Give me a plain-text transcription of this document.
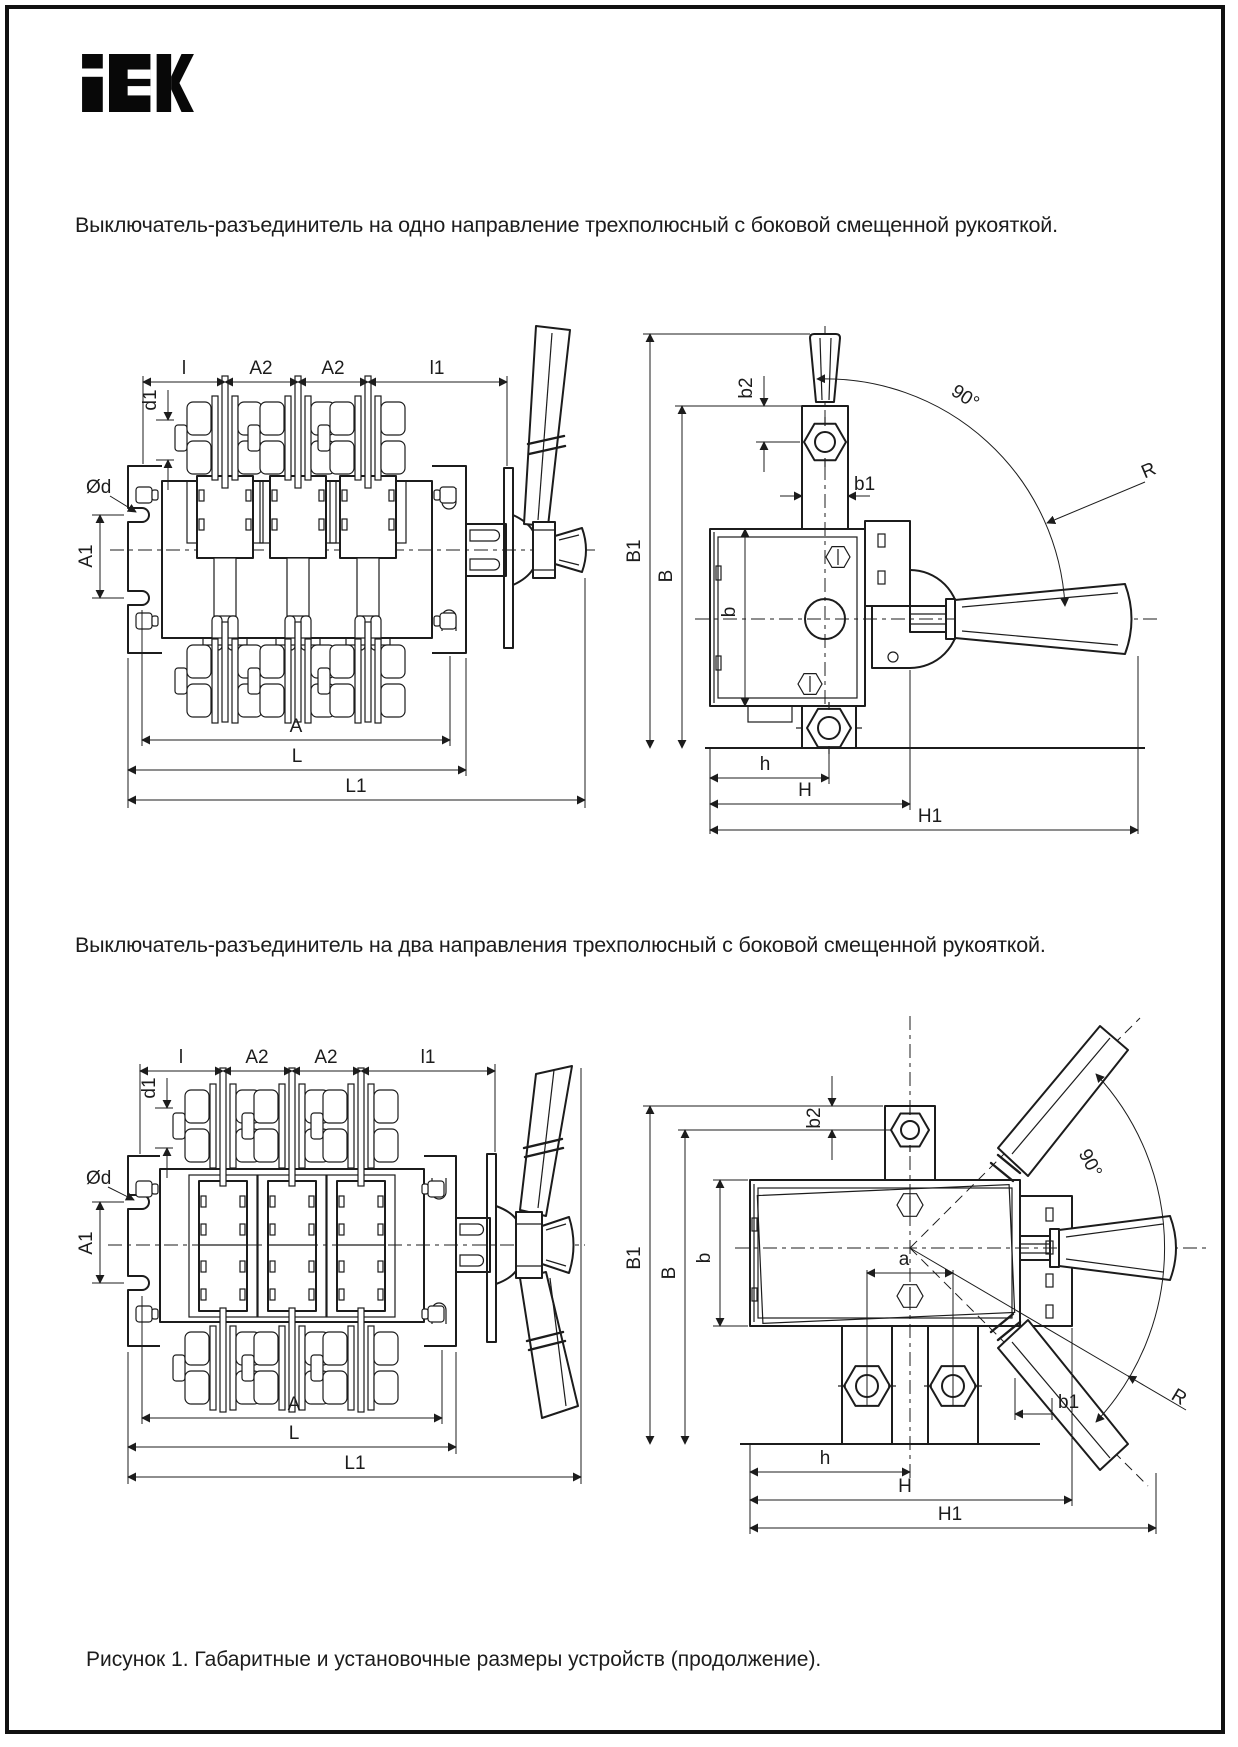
Выключатель-разъединитель на одно направление трехполюсный с боковой смещенной рукояткой.
Выключатель-разъединитель на два направления трехполюсный с боковой смещенной рукояткой.
Рисунок 1. Габаритные и установочные размеры устройств (продолжение).
l	A2	A2	l1
d1
Ød
A1
A
L
L1
90°
R
B1
B
b
b2
b1
h
H
H1
l	A2 A2	l1
d1
Ød
A1
A
L
L1
90°
R
B1
B
b
b2
a
b1
h
H
H1
